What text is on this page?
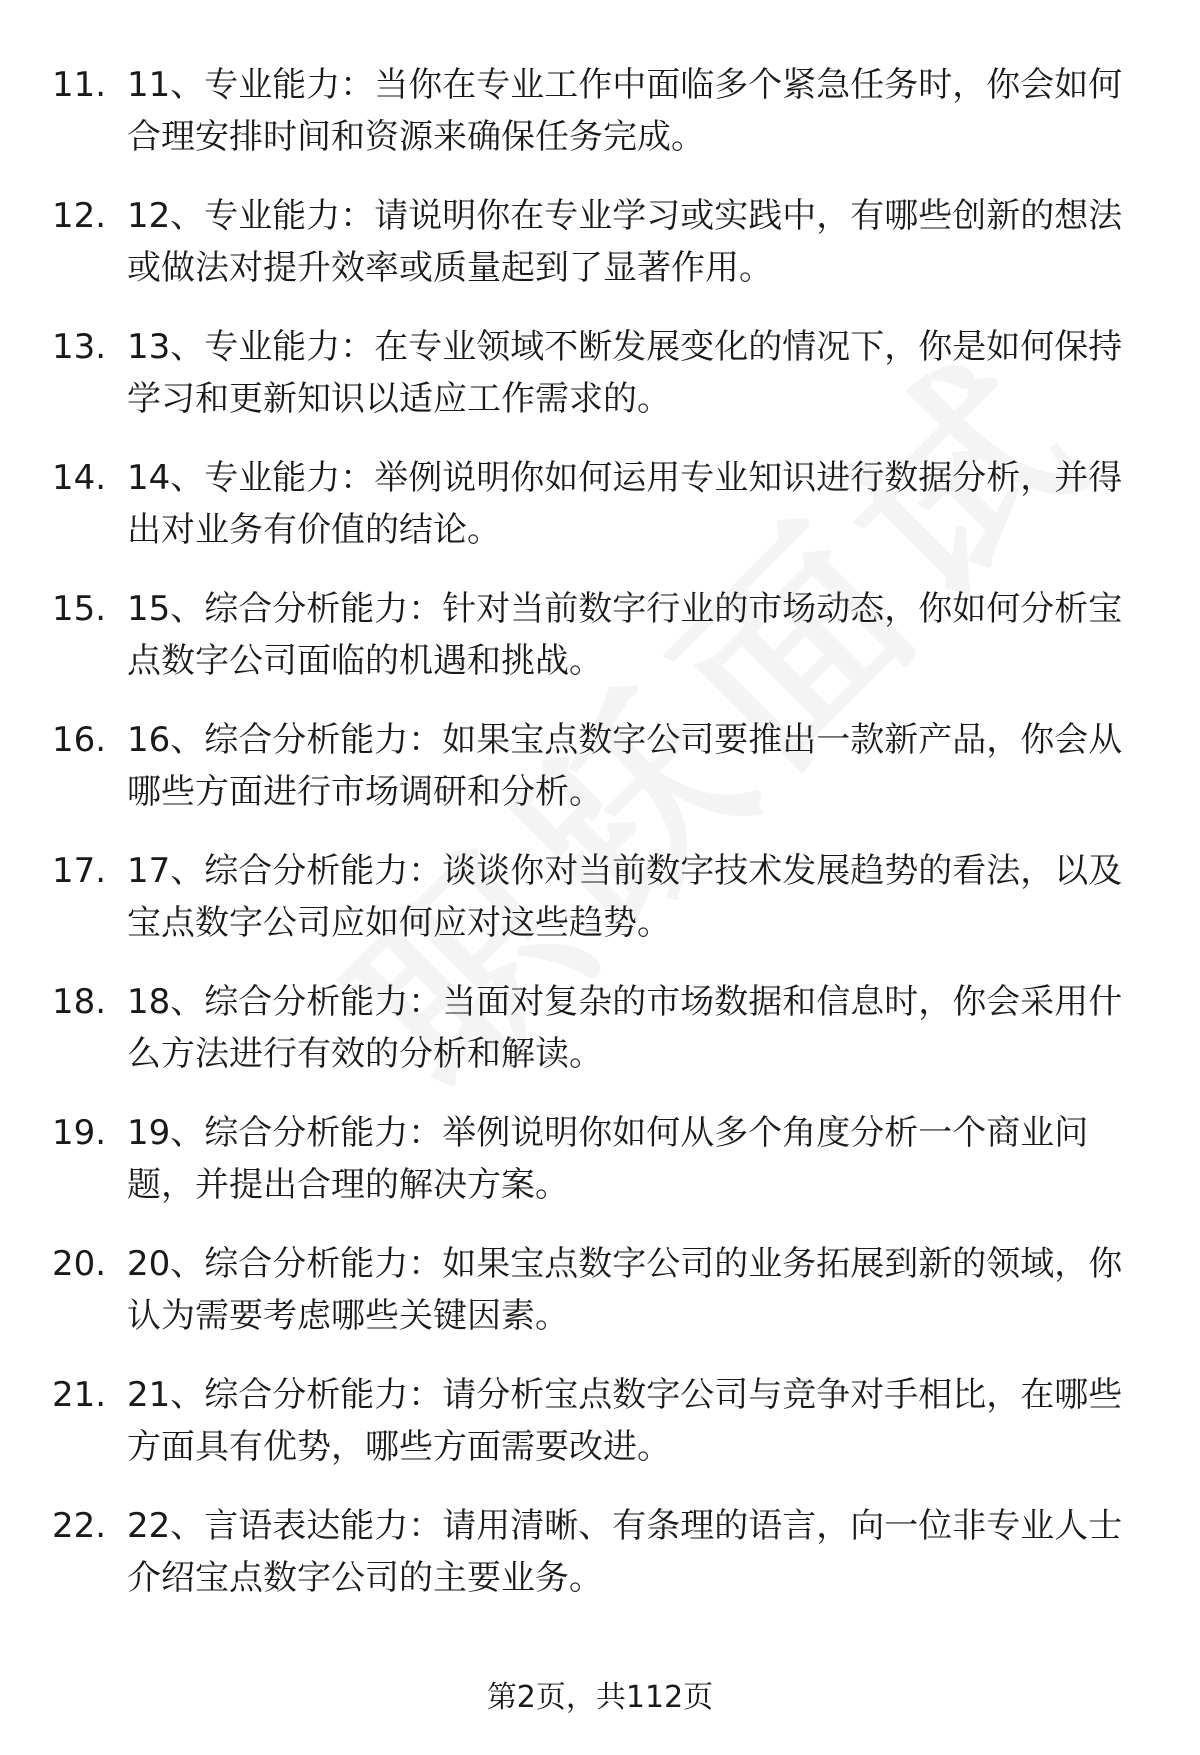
11. 11、专业能力：当你在专业工作中面临多个紧急任务时，你会如何合理安排时间和资源来确保任务完成。
12. 12、专业能力：请说明你在专业学习或实践中，有哪些创新的想法或做法对提升效率或质量起到了显著作用。
13. 13、专业能力：在专业领域不断发展变化的情况下，你是如何保持学习和更新知识以适应工作需求的。
14. 14、专业能力：举例说明你如何运用专业知识进行数据分析，并得出对业务有价值的结论。
15. 15、综合分析能力：针对当前数字行业的市场动态，你如何分析宝点数字公司面临的机遇和挑战。
16. 16、综合分析能力：如果宝点数字公司要推出一款新产品，你会从哪些方面进行市场调研和分析。
17. 17、综合分析能力：谈谈你对当前数字技术发展趋势的看法，以及宝点数字公司应如何应对这些趋势。
18. 18、综合分析能力：当面对复杂的市场数据和信息时，你会采用什么方法进行有效的分析和解读。
19. 19、综合分析能力：举例说明你如何从多个角度分析一个商业问题，并提出合理的解决方案。
20. 20、综合分析能力：如果宝点数字公司的业务拓展到新的领域，你认为需要考虑哪些关键因素。
21. 21、综合分析能力：请分析宝点数字公司与竞争对手相比，在哪些方面具有优势，哪些方面需要改进。
22. 22、言语表达能力：请用清晰、有条理的语言，向一位非专业人士介绍宝点数字公司的主要业务。
第2页，共112页
